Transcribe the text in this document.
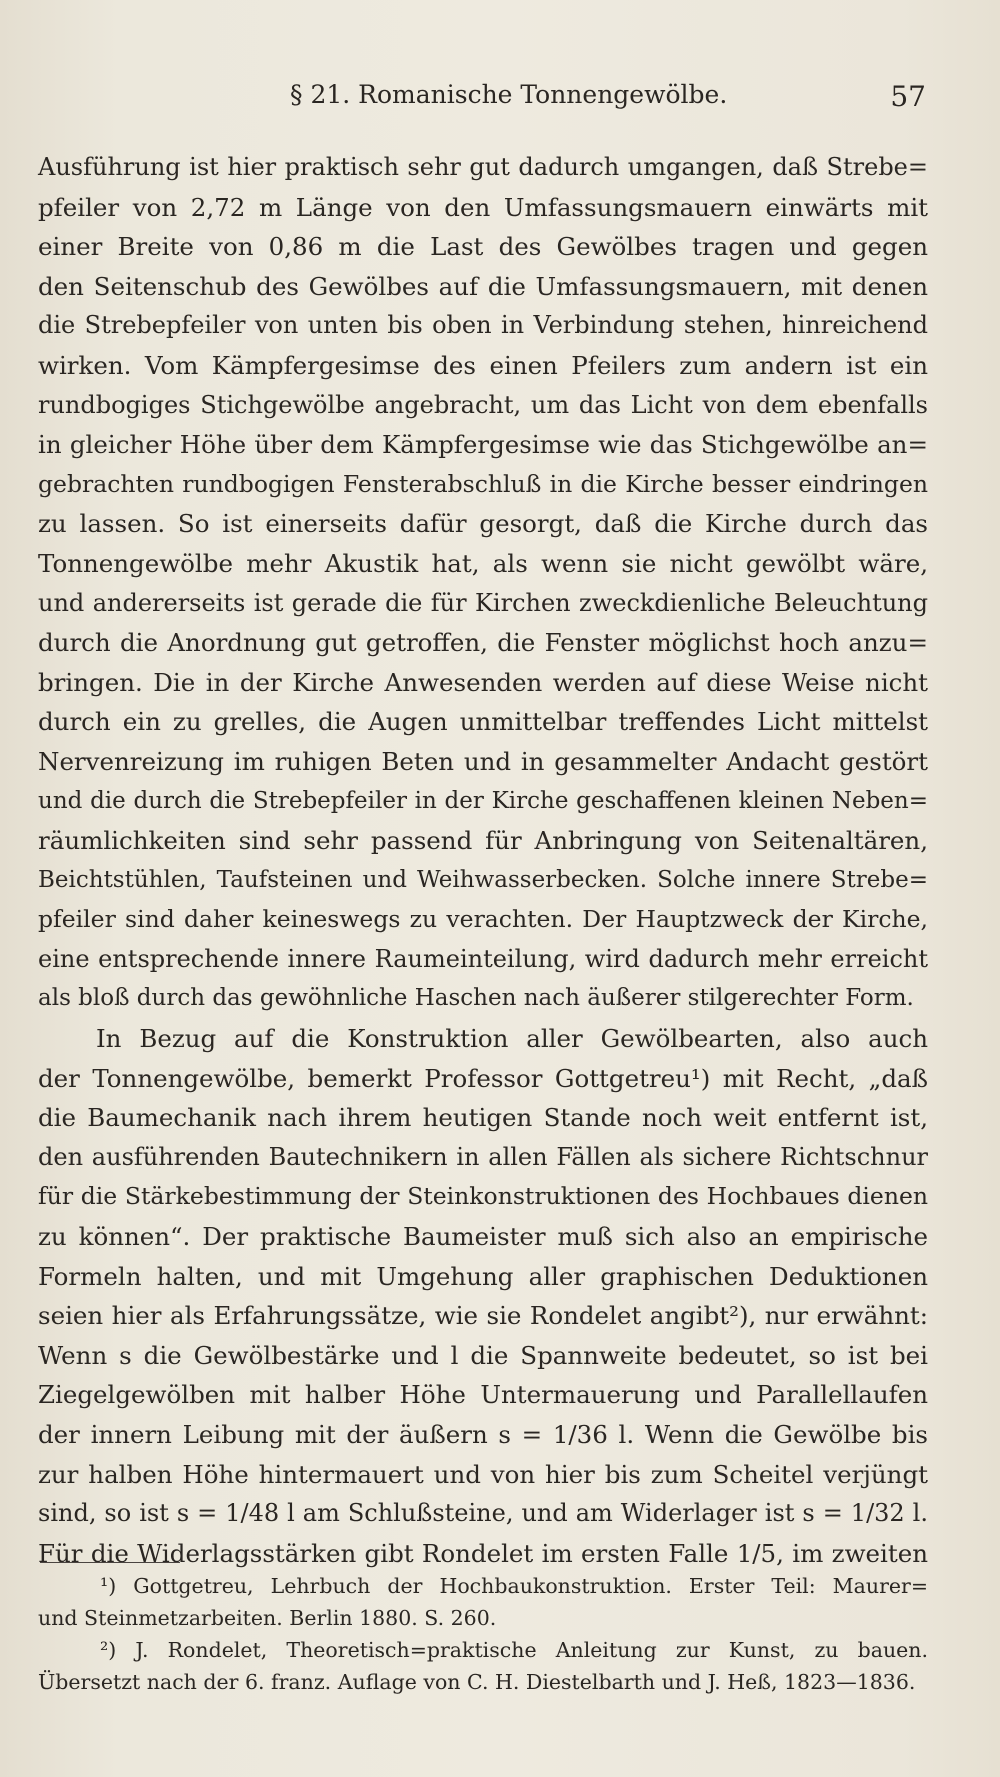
§ 21. Romanische Tonnengewölbe.	57
Ausführung ist hier praktisch sehr gut dadurch umgangen, daß Strebe=
pfeiler von 2,72 m Länge von den Umfassungsmauern einwärts mit
einer Breite von 0,86 m die Last des Gewölbes tragen und gegen
den Seitenschub des Gewölbes auf die Umfassungsmauern, mit denen
die Strebepfeiler von unten bis oben in Verbindung stehen, hinreichend
wirken. Vom Kämpfergesimse des einen Pfeilers zum andern ist ein
rundbogiges Stichgewölbe angebracht, um das Licht von dem ebenfalls
in gleicher Höhe über dem Kämpfergesimse wie das Stichgewölbe an=
gebrachten rundbogigen Fensterabschluß in die Kirche besser eindringen
zu lassen. So ist einerseits dafür gesorgt, daß die Kirche durch das
Tonnengewölbe mehr Akustik hat, als wenn sie nicht gewölbt wäre,
und andererseits ist gerade die für Kirchen zweckdienliche Beleuchtung
durch die Anordnung gut getroffen, die Fenster möglichst hoch anzu=
bringen. Die in der Kirche Anwesenden werden auf diese Weise nicht
durch ein zu grelles, die Augen unmittelbar treffendes Licht mittelst
Nervenreizung im ruhigen Beten und in gesammelter Andacht gestört
und die durch die Strebepfeiler in der Kirche geschaffenen kleinen Neben=
räumlichkeiten sind sehr passend für Anbringung von Seitenaltären,
Beichtstühlen, Taufsteinen und Weihwasserbecken. Solche innere Strebe=
pfeiler sind daher keineswegs zu verachten. Der Hauptzweck der Kirche,
eine entsprechende innere Raumeinteilung, wird dadurch mehr erreicht
als bloß durch das gewöhnliche Haschen nach äußerer stilgerechter Form.
In Bezug auf die Konstruktion aller Gewölbearten, also auch
der Tonnengewölbe, bemerkt Professor Gottgetreu¹) mit Recht, „daß
die Baumechanik nach ihrem heutigen Stande noch weit entfernt ist,
den ausführenden Bautechnikern in allen Fällen als sichere Richtschnur
für die Stärkebestimmung der Steinkonstruktionen des Hochbaues dienen
zu können“. Der praktische Baumeister muß sich also an empirische
Formeln halten, und mit Umgehung aller graphischen Deduktionen
seien hier als Erfahrungssätze, wie sie Rondelet angibt²), nur erwähnt:
Wenn s die Gewölbestärke und l die Spannweite bedeutet, so ist bei
Ziegelgewölben mit halber Höhe Untermauerung und Parallellaufen
der innern Leibung mit der äußern s = 1/36 l. Wenn die Gewölbe bis
zur halben Höhe hintermauert und von hier bis zum Scheitel verjüngt
sind, so ist s = 1/48 l am Schlußsteine, und am Widerlager ist s = 1/32 l.
Für die Widerlagsstärken gibt Rondelet im ersten Falle 1/5, im zweiten
¹) Gottgetreu, Lehrbuch der Hochbaukonstruktion. Erster Teil: Maurer=
und Steinmetzarbeiten. Berlin 1880. S. 260.
²) J. Rondelet, Theoretisch=praktische Anleitung zur Kunst, zu bauen.
Übersetzt nach der 6. franz. Auflage von C. H. Diestelbarth und J. Heß, 1823—1836.
